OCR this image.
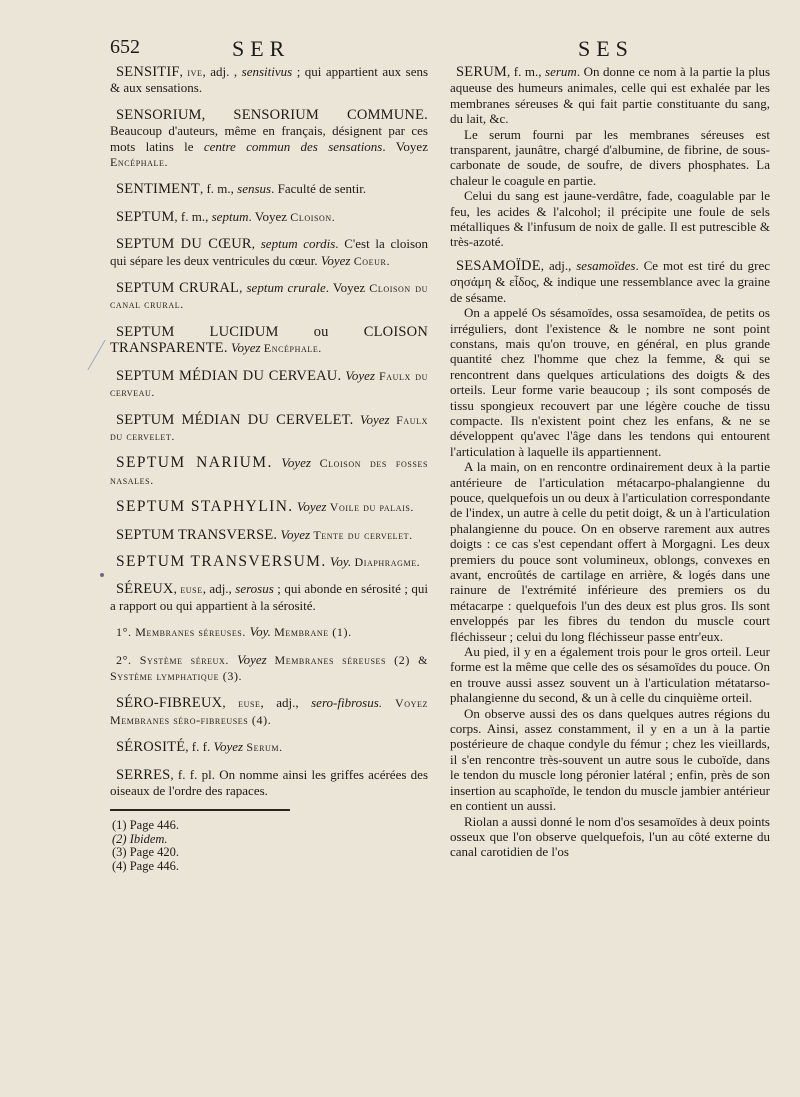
652	SER	SES

SENSITIF, ive, adj. , sensitivus ; qui appartient aux sens & aux sensations.

SENSORIUM, SENSORIUM COMMUNE. Beaucoup d'auteurs, même en français, désignent par ces mots latins le centre commun des sensations. Voyez Encéphale.

SENTIMENT, f. m., sensus. Faculté de sentir.

SEPTUM, f. m., septum. Voyez Cloison.

SEPTUM DU CŒUR, septum cordis. C'est la cloison qui sépare les deux ventricules du cœur. Voyez Coeur.

SEPTUM CRURAL, septum crurale. Voyez Cloison du canal crural.

SEPTUM LUCIDUM ou CLOISON TRANSPARENTE. Voyez Encéphale.

SEPTUM MÉDIAN DU CERVEAU. Voyez Faulx du cerveau.

SEPTUM MÉDIAN DU CERVELET. Voyez Faulx du cervelet.

SEPTUM NARIUM. Voyez Cloison des fosses nasales.

SEPTUM STAPHYLIN. Voyez Voile du palais.

SEPTUM TRANSVERSE. Voyez Tente du cervelet.

SEPTUM TRANSVERSUM. Voy. Diaphragme.

SÉREUX, euse, adj., serosus ; qui abonde en sérosité ; qui a rapport ou qui appartient à la sérosité.

1°. Membranes séreuses. Voy. Membrane (1).

2°. Système séreux. Voyez Membranes séreuses (2) & Système lymphatique (3).

SÉRO-FIBREUX, euse, adj., sero-fibrosus. Voyez Membranes séro-fibreuses (4).

SÉROSITÉ, f. f. Voyez Serum.

SERRES, f. f. pl. On nomme ainsi les griffes acérées des oiseaux de l'ordre des rapaces.

(1) Page 446.
(2) Ibidem.
(3) Page 420.
(4) Page 446.

SERUM, f. m., serum. On donne ce nom à la partie la plus aqueuse des humeurs animales, celle qui est exhalée par les membranes séreuses & qui fait partie constituante du sang, du lait, &c.

Le serum fourni par les membranes séreuses est transparent, jaunâtre, chargé d'albumine, de fibrine, de sous-carbonate de soude, de soufre, de divers phosphates. La chaleur le coagule en partie.

Celui du sang est jaune-verdâtre, fade, coagulable par le feu, les acides & l'alcohol; il précipite une foule de sels métalliques & l'infusum de noix de galle. Il est putrescible & très-azoté.

SESAMOÏDE, adj., sesamoïdes. Ce mot est tiré du grec σησάμη & εἶδος, & indique une ressemblance avec la graine de sésame.

On a appelé Os sésamoïdes, ossa sesamoïdea, de petits os irréguliers, dont l'existence & le nombre ne sont point constans, mais qu'on trouve, en général, en plus grande quantité chez l'homme que chez la femme, & qui se rencontrent dans quelques articulations des doigts & des orteils. Leur forme varie beaucoup ; ils sont composés de tissu spongieux recouvert par une légère couche de tissu compacte. Ils n'existent point chez les enfans, & ne se développent qu'avec l'âge dans les tendons qui entourent l'articulation à laquelle ils appartiennent.

A la main, on en rencontre ordinairement deux à la partie antérieure de l'articulation métacarpo-phalangienne du pouce, quelquefois un ou deux à l'articulation correspondante de l'index, un autre à celle du petit doigt, & un à l'articulation phalangienne du pouce. On en observe rarement aux autres doigts : ce cas s'est cependant offert à Morgagni. Les deux premiers du pouce sont volumineux, oblongs, convexes en avant, encroûtés de cartilage en arrière, & logés dans une rainure de l'extrémité inférieure des premiers os du métacarpe : quelquefois l'un des deux est plus gros. Ils sont enveloppés par les fibres du tendon du muscle court fléchisseur ; celui du long fléchisseur passe entr'eux.

Au pied, il y en a également trois pour le gros orteil. Leur forme est la même que celle des os sésamoïdes du pouce. On en trouve aussi assez souvent un à l'articulation métatarso-phalangienne du second, & un à celle du cinquième orteil.

On observe aussi des os dans quelques autres régions du corps. Ainsi, assez constamment, il y en a un à la partie postérieure de chaque condyle du fémur ; chez les vieillards, il s'en rencontre très-souvent un autre sous le cuboïde, dans le tendon du muscle long péronier latéral ; enfin, près de son insertion au scaphoïde, le tendon du muscle jambier antérieur en contient un aussi.

Riolan a aussi donné le nom d'os sesamoïdes à deux points osseux que l'on observe quelquefois, l'un au côté externe du canal carotidien de l'os
